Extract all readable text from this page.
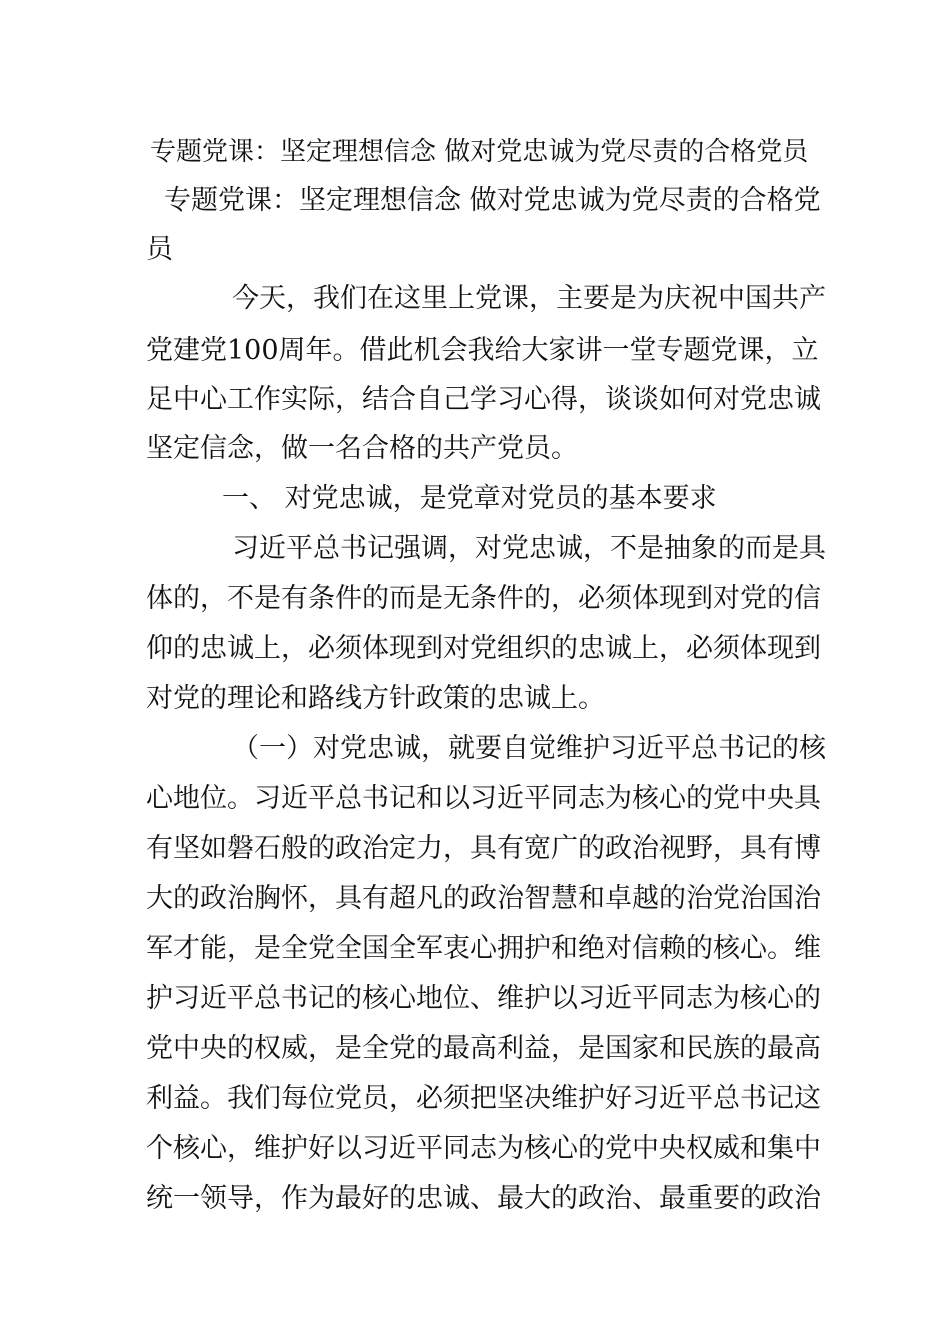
专题党课：坚定理想信念 做对党忠诚为党尽责的合格党员

专题党课：坚定理想信念 做对党忠诚为党尽责的合格党

员

今天，我们在这里上党课，主要是为庆祝中国共产

党建党100周年。借此机会我给大家讲一堂专题党课，立

足中心工作实际，结合自己学习心得，谈谈如何对党忠诚

坚定信念，做一名合格的共产党员。

一、 对党忠诚，是党章对党员的基本要求

习近平总书记强调，对党忠诚，不是抽象的而是具

体的，不是有条件的而是无条件的，必须体现到对党的信

仰的忠诚上，必须体现到对党组织的忠诚上，必须体现到

对党的理论和路线方针政策的忠诚上。

（一）对党忠诚，就要自觉维护习近平总书记的核

心地位。习近平总书记和以习近平同志为核心的党中央具

有坚如磐石般的政治定力，具有宽广的政治视野，具有博

大的政治胸怀，具有超凡的政治智慧和卓越的治党治国治

军才能，是全党全国全军衷心拥护和绝对信赖的核心。维

护习近平总书记的核心地位、维护以习近平同志为核心的

党中央的权威，是全党的最高利益，是国家和民族的最高

利益。我们每位党员，必须把坚决维护好习近平总书记这

个核心，维护好以习近平同志为核心的党中央权威和集中

统一领导，作为最好的忠诚、最大的政治、最重要的政治
